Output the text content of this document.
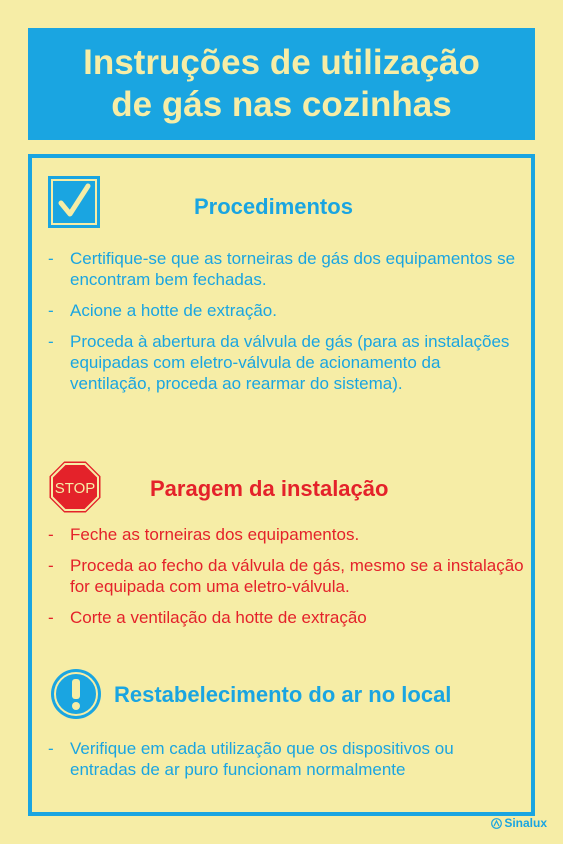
Instruções de utilização
de gás nas cozinhas
Procedimentos
- Certifique-se que as torneiras de gás dos equipamentos se encontram bem fechadas.
- Acione a hotte de extração.
- Proceda à abertura da válvula de gás (para as instalações equipadas com eletro-válvula de acionamento da ventilação, proceda ao rearmar do sistema).
STOP Paragem da instalação
- Feche as torneiras dos equipamentos.
- Proceda ao fecho da válvula de gás, mesmo se a instalação for equipada com uma eletro-válvula.
- Corte a ventilação da hotte de extração
Restabelecimento do ar no local
- Verifique em cada utilização que os dispositivos ou entradas de ar puro funcionam normalmente
Sinalux
